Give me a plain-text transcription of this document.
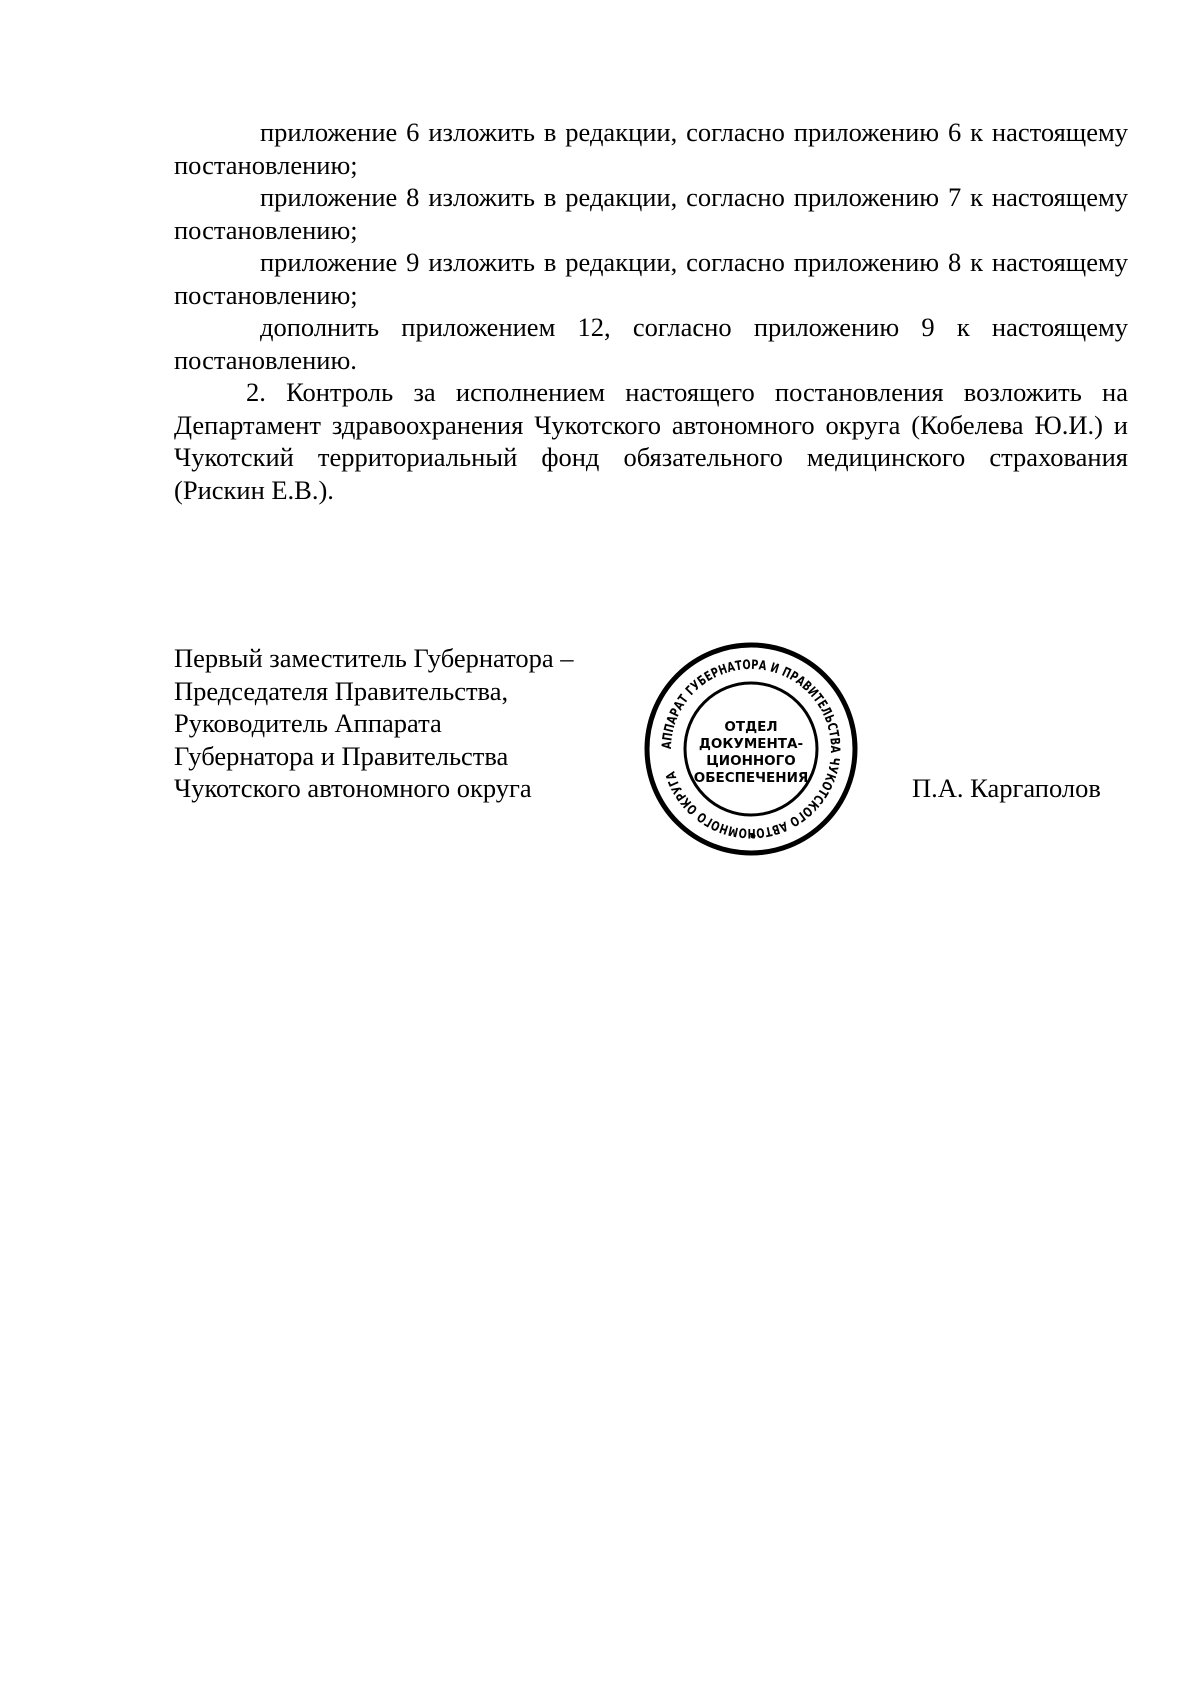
приложение 6 изложить в редакции, согласно приложению 6 к настоящему постановлению;

приложение 8 изложить в редакции, согласно приложению 7 к настоящему постановлению;

приложение 9 изложить в редакции, согласно приложению 8 к настоящему постановлению;

дополнить приложением 12, согласно приложению 9 к настоящему постановлению.

2. Контроль за исполнением настоящего постановления возложить на Департамент здравоохранения Чукотского автономного округа (Кобелева Ю.И.) и Чукотский территориальный фонд обязательного медицинского страхования (Рискин Е.В.).

Первый заместитель Губернатора –
Председателя Правительства,
Руководитель Аппарата
Губернатора и Правительства
Чукотского автономного округа
АППАРАТ ГУБЕРНАТОРА И ПРАВИТЕЛЬСТВА ЧУКОТСКОГО АВТОНОМНОГО ОКРУГА
ОТДЕЛ
ДОКУМЕНТА-
ЦИОННОГО
ОБЕСПЕЧЕНИЯ	П.А. Каргаполов
